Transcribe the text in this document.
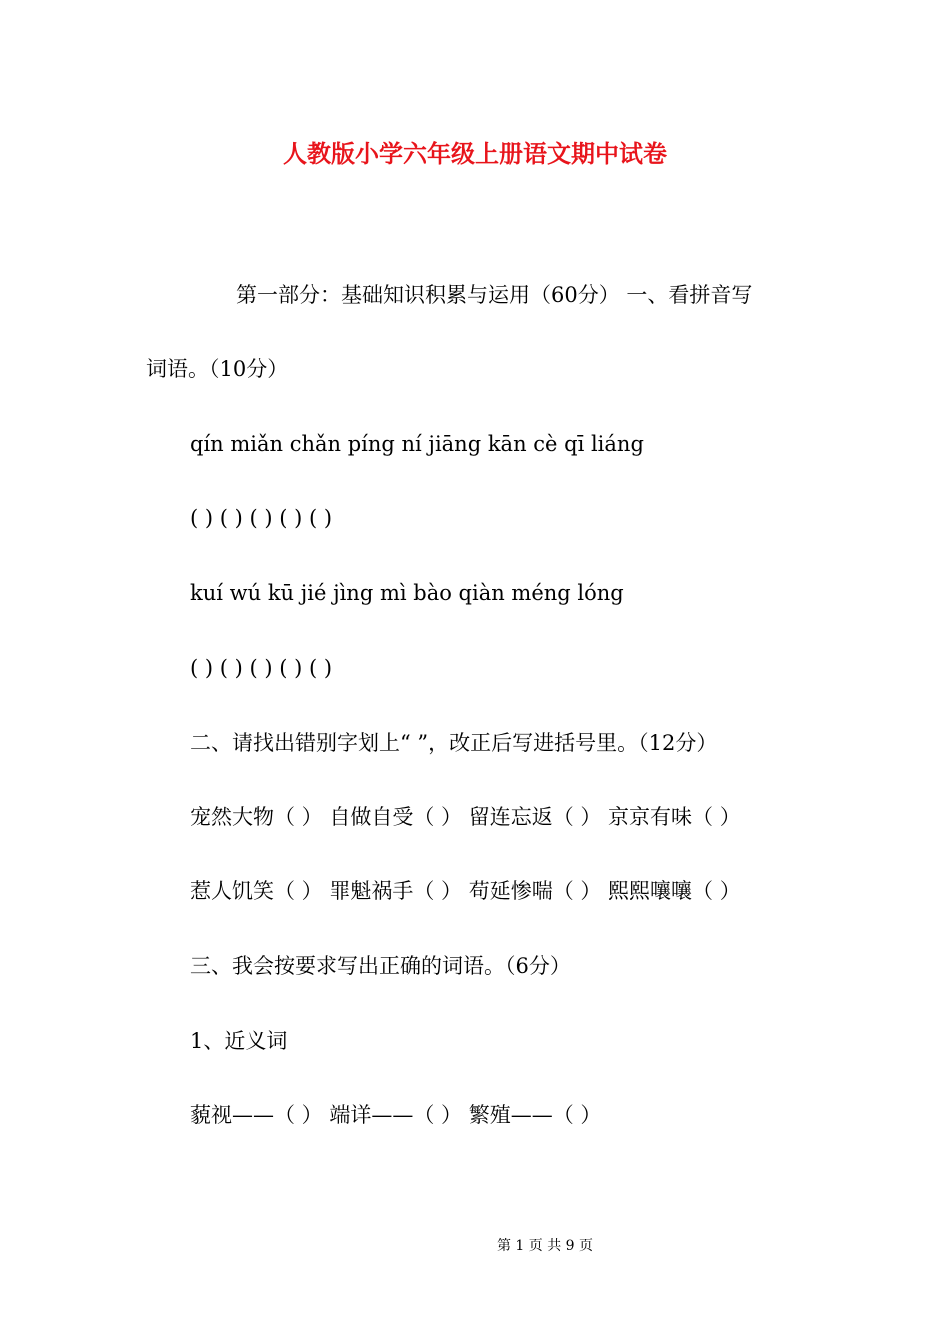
人教版小学六年级上册语文期中试卷
第一部分：基础知识积累与运用（60分） 一、看拼音写
词语。（10分）
qín miǎn chǎn píng ní jiāng kān cè qī liáng
( ) ( ) ( ) ( ) ( )
kuí wú kū jié jìng mì bào qiàn méng lóng
( ) ( ) ( ) ( ) ( )
二、请找出错别字划上“ ”，改正后写进括号里。（12分）
宠然大物（ ） 自做自受（ ） 留连忘返（ ） 京京有味（ ）
惹人饥笑（ ） 罪魁祸手（ ） 苟延惨喘（ ） 熙熙嚷嚷（ ）
三、我会按要求写出正确的词语。（6分）
1、近义词
藐视——（ ） 端详——（ ） 繁殖——（ ）
第 1 页 共 9 页
